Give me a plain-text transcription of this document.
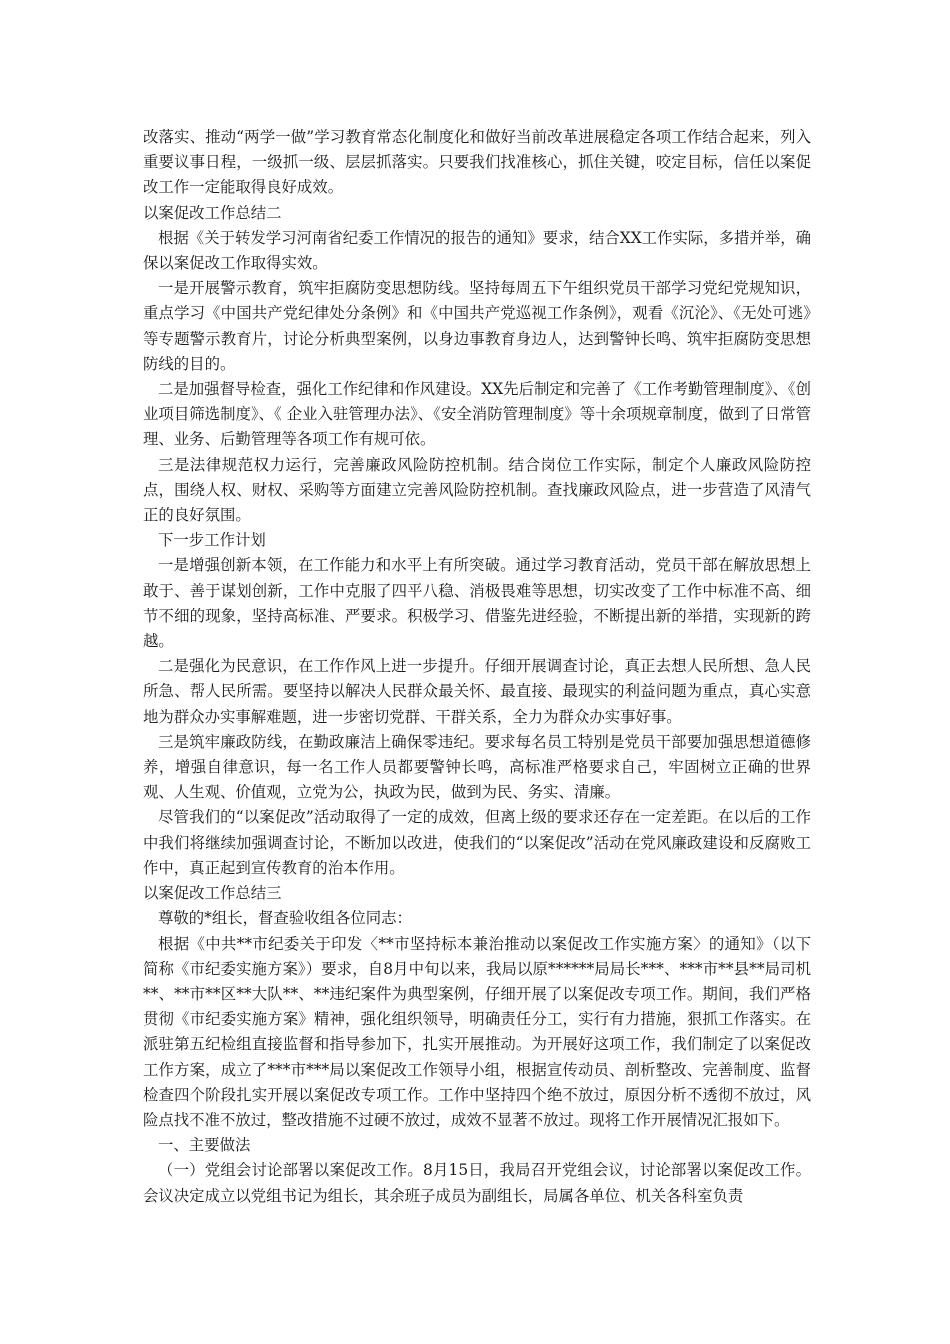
改落实、推动“两学一做”学习教育常态化制度化和做好当前改革进展稳定各项工作结合起来，列入重要议事日程，一级抓一级、层层抓落实。只要我们找准核心，抓住关键，咬定目标，信任以案促改工作一定能取得良好成效。

以案促改工作总结二

根据《关于转发学习河南省纪委工作情况的报告的通知》要求，结合XX工作实际，多措并举，确保以案促改工作取得实效。

一是开展警示教育，筑牢拒腐防变思想防线。坚持每周五下午组织党员干部学习党纪党规知识，重点学习《中国共产党纪律处分条例》和《中国共产党巡视工作条例》，观看《沉沦》、《无处可逃》等专题警示教育片，讨论分析典型案例，以身边事教育身边人，达到警钟长鸣、筑牢拒腐防变思想防线的目的。

二是加强督导检查，强化工作纪律和作风建设。XX先后制定和完善了《工作考勤管理制度》、《创业项目筛选制度》、《 企业入驻管理办法》、《安全消防管理制度》等十余项规章制度，做到了日常管理、业务、后勤管理等各项工作有规可依。

三是法律规范权力运行，完善廉政风险防控机制。结合岗位工作实际，制定个人廉政风险防控点，围绕人权、财权、采购等方面建立完善风险防控机制。查找廉政风险点，进一步营造了风清气正的良好氛围。

下一步工作计划

一是增强创新本领，在工作能力和水平上有所突破。通过学习教育活动，党员干部在解放思想上敢于、善于谋划创新，工作中克服了四平八稳、消极畏难等思想，切实改变了工作中标准不高、细节不细的现象，坚持高标准、严要求。积极学习、借鉴先进经验，不断提出新的举措，实现新的跨越。

二是强化为民意识，在工作作风上进一步提升。仔细开展调查讨论，真正去想人民所想、急人民所急、帮人民所需。要坚持以解决人民群众最关怀、最直接、最现实的利益问题为重点，真心实意地为群众办实事解难题，进一步密切党群、干群关系，全力为群众办实事好事。

三是筑牢廉政防线，在勤政廉洁上确保零违纪。要求每名员工特别是党员干部要加强思想道德修养，增强自律意识，每一名工作人员都要警钟长鸣，高标准严格要求自己，牢固树立正确的世界观、人生观、价值观，立党为公，执政为民，做到为民、务实、清廉。

尽管我们的“以案促改”活动取得了一定的成效，但离上级的要求还存在一定差距。在以后的工作中我们将继续加强调查讨论，不断加以改进，使我们的“以案促改”活动在党风廉政建设和反腐败工作中，真正起到宣传教育的治本作用。

以案促改工作总结三

尊敬的*组长，督查验收组各位同志：

根据《中共**市纪委关于印发〈**市坚持标本兼治推动以案促改工作实施方案〉的通知》（以下简称《市纪委实施方案》）要求，自8月中旬以来，我局以原******局局长***、***市**县**局司机**、**市**区**大队**、**违纪案件为典型案例，仔细开展了以案促改专项工作。期间，我们严格贯彻《市纪委实施方案》精神，强化组织领导，明确责任分工，实行有力措施，狠抓工作落实。在派驻第五纪检组直接监督和指导参加下，扎实开展推动。为开展好这项工作，我们制定了以案促改工作方案，成立了***市***局以案促改工作领导小组，根据宣传动员、剖析整改、完善制度、监督检查四个阶段扎实开展以案促改专项工作。工作中坚持四个绝不放过，原因分析不透彻不放过，风险点找不准不放过，整改措施不过硬不放过，成效不显著不放过。现将工作开展情况汇报如下。

一、主要做法

（一）党组会讨论部署以案促改工作。8月15日，我局召开党组会议，讨论部署以案促改工作。会议决定成立以党组书记为组长，其余班子成员为副组长，局属各单位、机关各科室负责
